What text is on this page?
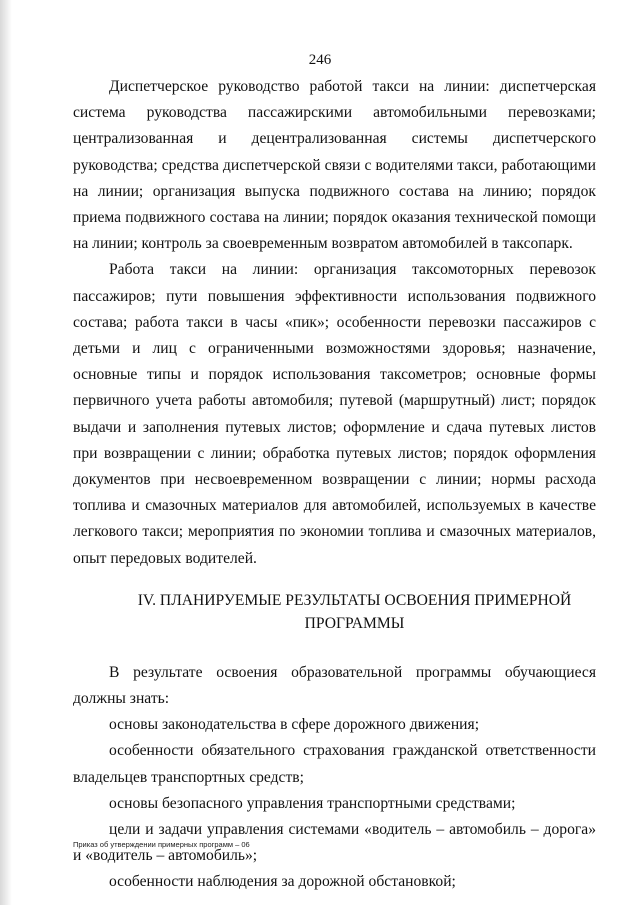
246

Диспетчерское руководство работой такси на линии: диспетчерская система руководства пассажирскими автомобильными перевозками; централизованная и децентрализованная системы диспетчерского руководства; средства диспетчерской связи с водителями такси, работающими на линии; организация выпуска подвижного состава на линию; порядок приема подвижного состава на линии; порядок оказания технической помощи на линии; контроль за своевременным возвратом автомобилей в таксопарк.

Работа такси на линии: организация таксомоторных перевозок пассажиров; пути повышения эффективности использования подвижного состава; работа такси в часы «пик»; особенности перевозки пассажиров с детьми и лиц с ограниченными возможностями здоровья; назначение, основные типы и порядок использования таксометров; основные формы первичного учета работы автомобиля; путевой (маршрутный) лист; порядок выдачи и заполнения путевых листов; оформление и сдача путевых листов при возвращении с линии; обработка путевых листов; порядок оформления документов при несвоевременном возвращении с линии; нормы расхода топлива и смазочных материалов для автомобилей, используемых в качестве легкового такси; мероприятия по экономии топлива и смазочных материалов, опыт передовых водителей.

IV. ПЛАНИРУЕМЫЕ РЕЗУЛЬТАТЫ ОСВОЕНИЯ ПРИМЕРНОЙ
ПРОГРАММЫ

В результате освоения образовательной программы обучающиеся должны знать:

основы законодательства в сфере дорожного движения;

особенности обязательного страхования гражданской ответственности владельцев транспортных средств;

основы безопасного управления транспортными средствами;

цели и задачи управления системами «водитель – автомобиль – дорога» и «водитель – автомобиль»;

особенности наблюдения за дорожной обстановкой;

Приказ об утверждении примерных программ – 06
